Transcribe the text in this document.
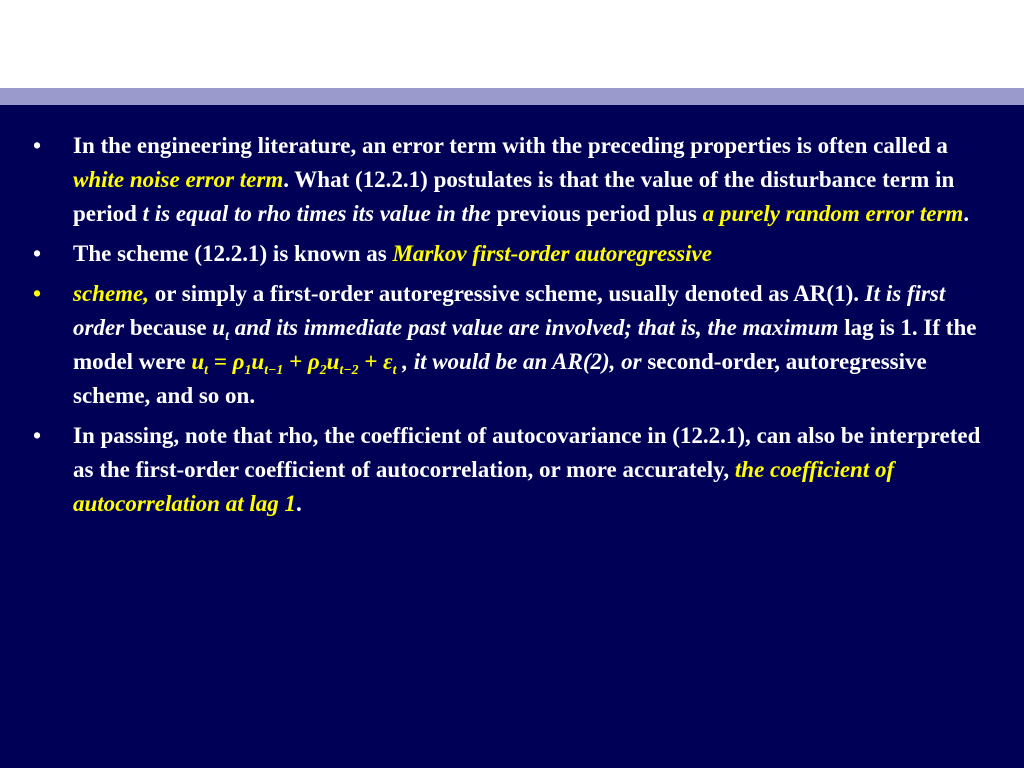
• In the engineering literature, an error term with the preceding properties is often called a white noise error term. What (12.2.1) postulates is that the value of the disturbance term in period t is equal to rho times its value in the previous period plus a purely random error term.
• The scheme (12.2.1) is known as Markov first-order autoregressive
• scheme, or simply a first-order autoregressive scheme, usually denoted as AR(1). It is first order because $u_t$ and its immediate past value are involved; that is, the maximum lag is 1. If the model were $u_t = \rho_1u_{t-1} + \rho_2u_{t-2} + \varepsilon_t$ , it would be an AR(2), or second-order, autoregressive scheme, and so on.
• In passing, note that rho, the coefficient of autocovariance in (12.2.1), can also be interpreted as the first-order coefficient of autocorrelation, or more accurately, the coefficient of autocorrelation at lag 1.
